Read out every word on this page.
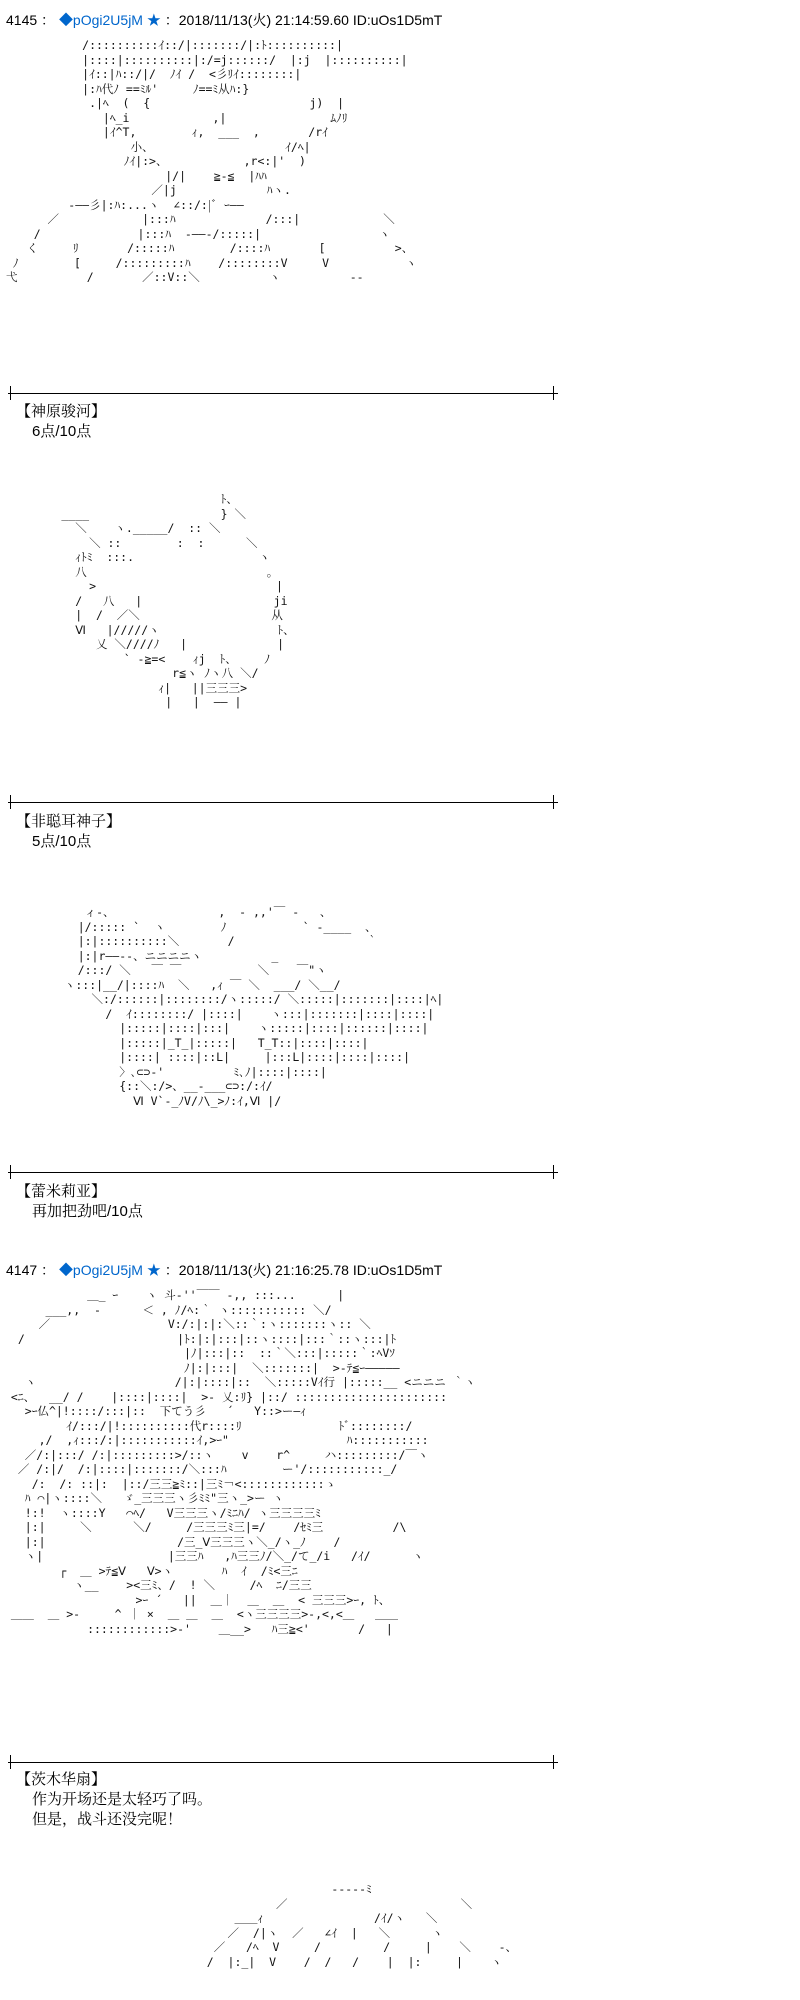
4145 ： ◆pOgi2U5jM ★ ：2018/11/13(火) 21:14:59.60 ID:uOs1D5mT
/::::::::::ｲ::/|:::::::/|:ﾄ::::::::::|
|::::|::::::::::|:/=j::::::/  |:j  |::::::::::|
|ｲ::|ﾊ::/|/  ﾉｲ /  <彡ﾘｲ::::::::|
|:ﾊ代ﾉ ==ﾐﾙ'     ﾉ==ﾐ从ﾊ:}
.|ﾍ  (  {                       j)  |
|ﾍ_i            ,|               ﾑﾉﾘ
|ｲ^T,        ｨ,  ___  ,       /rｲ
小、                   ｲ/ﾍ|
ﾉｲ|:>、           ,r<:|'  )
|/|    ≧-≦  |ﾊﾊ
／|j             ﾊヽ.
-――彡|:ﾊ:...ヽ  ∠::/:|ﾞ ｰ――
／            |:::ﾊ             /:::|            ＼
/              |:::ﾊ  -――-/:::::|                 ヽ
く     ﾘ       /:::::ﾊ        /::::ﾊ       [          >、
ﾉ        [     /:::::::::ﾊ    /::::::::V     V           ヽ
弋          /       ／::V::＼          ヽ          ‐‐
【神原骏河】
6点/10点
ﾄ、
____                   } ＼
＼    ヽ._____/  :: ＼
＼ ::        :  :      ＼
ｨﾄﾐ  :::.                  ヽ
八                          ｡
>                          |
/   八   |                   ji
|  /  ／＼                   从
Ⅵ   |/////ヽ                 ﾄ、
乂 ＼////ﾉ   |             |
` -≧=<    ｨj  ﾄ、    ﾉ
r≦ヽ ﾉヽ八 ＼/
ｨ|   ||三三三>
|   |  ―― |
【非聪耳神子】
5点/10点
ィ-、               ,  - ,,'￣ -   、
|/::::: `  ヽ        ﾉ           ` -____  、
|:|::::::::::＼       /                   ｀
|:|r――‐-、ニニニニヽ          _
/:::/ ＼   ￣ ￣           ＼    ￣"ヽ
ヽ:::|__/|::::ﾊ  ＼   ,ｨ ￣ ＼  ___/ ＼__/
＼:/::::::|::::::::/ヽ:::::/ ＼:::::|:::::::|::::|ﾍ|
/  ｲ::::::::/ |::::|    ヽ:::|:::::::|::::|::::|
|:::::|::::|:::|    ヽ:::::|::::|::::::|::::|
|:::::|_T_|:::::|   T_T::|::::|::::|
|::::| ::::|::L|     |:::L|::::|::::|::::|
〉､⊂⊃-'          ﾐ､ﾉ|::::|::::|
{::＼:/>、__-___⊂⊃:/:ｲ/
Ⅵ V`-_ﾉV/ﾉ\_>ﾉ:ｲ,Ⅵ |/
【蕾米莉亚】
再加把劲吧/10点
4147 ： ◆pOgi2U5jM ★ ：2018/11/13(火) 21:16:25.78 ID:uOs1D5mT
＿_ ｰ    ヽ 斗-''￣￣ -,, :::...      |
___,,  -      ＜ , ﾉ/ﾍ:｀ ヽ::::::::::: ＼/
／                 V:/:|:|:＼::｀:ヽ:::::::ヽ:: ＼
/                      |ﾄ:|:|:::|::ヽ::::|:::｀::ヽ:::|ﾄ
|ﾉ|:::|::  ::｀＼:::|:::::｀:ﾍVｿ
ﾉ|:|:::|  ＼:::::::|  >-ﾃ≦ｰ―――――
ヽ                    /|:|::::|::  ＼:::::Vｲ行 |:::::__ <ニニニ ｀ヽ
<ﾆ、  __/ /    |::::|::::|  >- 乂:ﾘ} |::/ ::::::::::::::::::::::
>ｰ仏^|!::::/:::|::  下てう彡   ´   Y::>ー―ｨ
ｲ/:::/|!::::::::::代r::::ﾘ              ﾄﾞ::::::::/
,/  ,ｨ:::/:|:::::::::::ｲ,>ｰ"                 ﾊ:::::::::::
／/:|:::/ /:|:::::::::>/::ヽ    v    r^     ハ:::::::::/￣ヽ
／ /:|/  /:|::::|:::::::/＼:::ﾊ        ー'/:::::::::::_/
/:  /: ::|:  |::/三三≧ﾐ::|三ﾐ￢<::::::::::::ゝ
ﾊ ⌒|ヽ::::＼   ゞ_三三三ヽ彡ﾐﾐ"三ヽ_>ー ヽ
!:!  ヽ::::Y   ⌒ﾍ/   V三三三ヽ/ﾐﾆﾊ/ ヽ三三三三ﾐ
|:|     ＼      ＼/     /三三三ﾐ三|=/    /ｾﾐ三          /\
|:|                   /三_Ⅴ三三三ヽ＼_/ヽ_ﾉ    /
ヽ|                  |三三ﾊ   ,ﾊ三三ﾉ/＼_/て_/i   /ｲ/      ヽ
┌  ＿ >ﾃ≦Ⅴ   Ⅴ>ヽ       ﾊ  ｲ  /ﾐ<三ﾆ
ヽ__    ><三ﾐ、/  ! ＼     /ﾍ  ﾆ/三三
>ｰ ´   ||  ＿｜  ＿  ＿  < 三三三>ｰ, ﾄ、
＿＿  ＿ >-     ^ ｜ ×  ＿ ＿  ＿  <ヽ三三三三>-,<,<＿   ＿＿
::::::::::::>-'    ＿__>   ﾊ三≧<'       /   |
【茨木华扇】
作为开场还是太轻巧了吗。
但是，战斗还没完呢！
-----ﾐ
／                         ＼
＿＿ｨ                /ｲ/ヽ   ＼
／  /|ヽ  ／   ∠ｲ  |   ＼      ヽ
／   /ﾍ  V     /         /     |    ＼    -、
/  |:_|  V    /  /   /    |  |:     |    ヽ
